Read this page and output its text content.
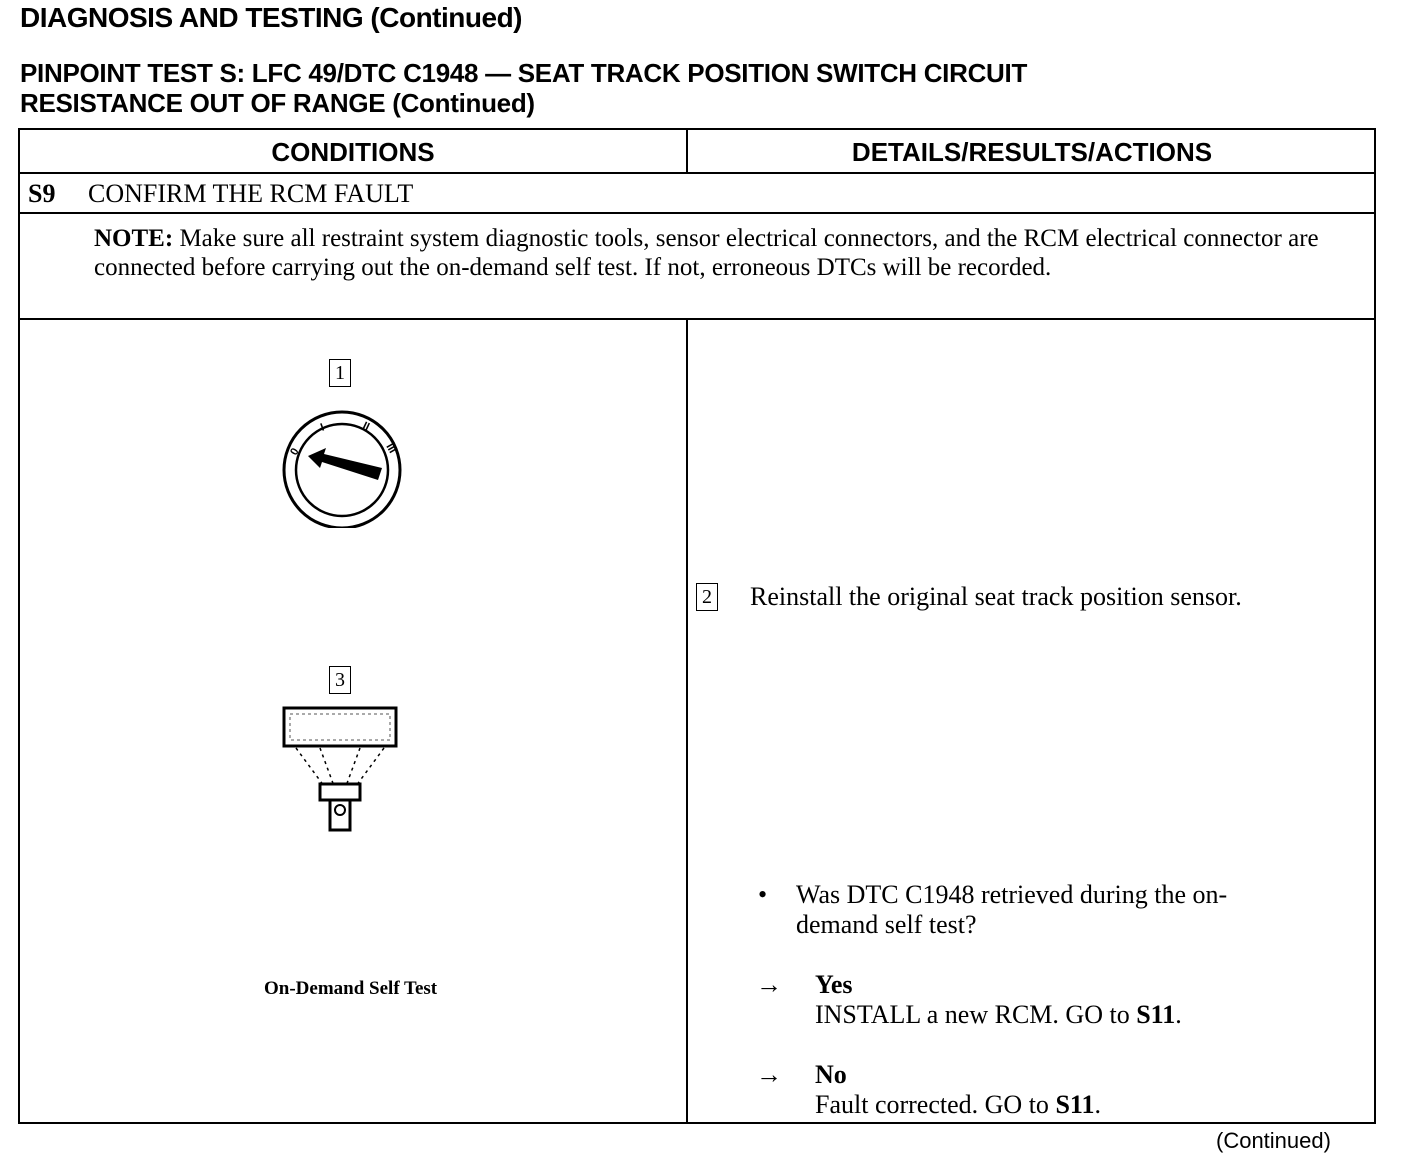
DIAGNOSIS AND TESTING (Continued)
PINPOINT TEST S: LFC 49/DTC C1948 — SEAT TRACK POSITION SWITCH CIRCUIT
RESISTANCE OUT OF RANGE (Continued)
CONDITIONS	DETAILS/RESULTS/ACTIONS
S9 CONFIRM THE RCM FAULT
NOTE: Make sure all restraint system diagnostic tools, sensor electrical connectors, and the RCM electrical connector are connected before carrying out the on-demand self test. If not, erroneous DTCs will be recorded.
1
0
I	II
III
3
On-Demand Self Test
2 Reinstall the original seat track position sensor.
• Was DTC C1948 retrieved during the on-demand self test?
→ Yes
INSTALL a new RCM. GO to S11.
→ No
Fault corrected. GO to S11.
(Continued)
